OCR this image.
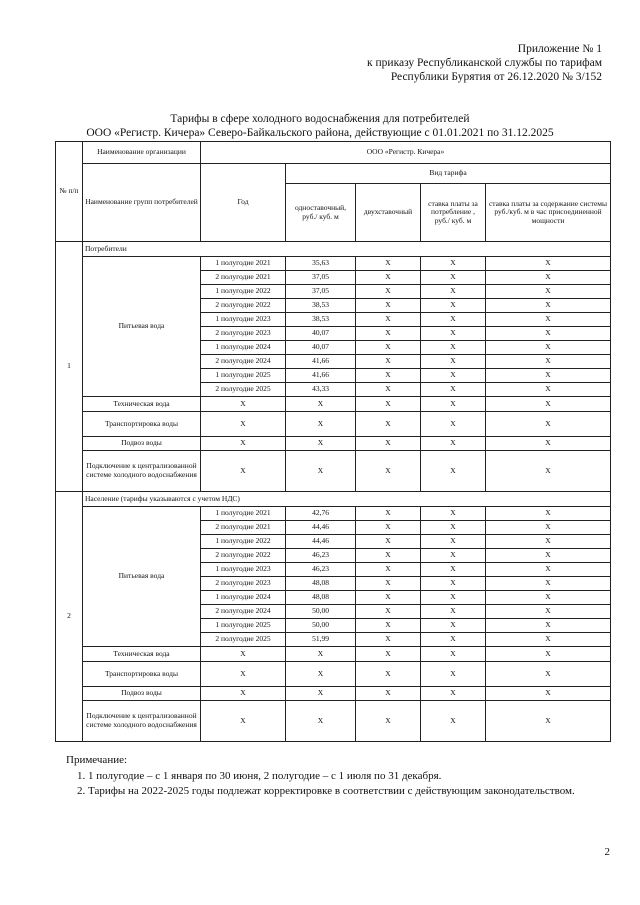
Приложение № 1
к приказу Республиканской службы по тарифам
Республики Бурятия от 26.12.2020 № 3/152
Тарифы в сфере холодного водоснабжения для потребителей
ООО «Регистр. Кичера» Северо-Байкальского района, действующие с 01.01.2021 по 31.12.2025
№ п/п	Наименование организации	ООО «Регистр. Кичера»				
	Наименование групп потребителей	Год	Вид тарифа			
			одноставочный, руб./ куб. м	двухставочный	ставка платы за потребление , руб./ куб. м	ставка платы за содержание системы руб./куб. м в час присоединенной мощности
1	Потребители					
	Питьевая вода	1 полугодие 2021	35,63	X	X	X
		2 полугодие 2021	37,05	X	X	X
		1 полугодие 2022	37,05	X	X	X
		2 полугодие 2022	38,53	X	X	X
		1 полугодие 2023	38,53	X	X	X
		2 полугодие 2023	40,07	X	X	X
		1 полугодие 2024	40,07	X	X	X
		2 полугодие 2024	41,66	X	X	X
		1 полугодие 2025	41,66	X	X	X
		2 полугодие 2025	43,33	X	X	X
	Техническая вода	X	X	X	X	X
	Транспортировка воды	X	X	X	X	X
	Подвоз воды	X	X	X	X	X
	Подключение к централизованной системе холодного водоснабжения	X	X	X	X	X
2	Население (тарифы указываются с учетом НДС)					
	Питьевая вода	1 полугодие 2021	42,76	X	X	X
		2 полугодие 2021	44,46	X	X	X
		1 полугодие 2022	44,46	X	X	X
		2 полугодие 2022	46,23	X	X	X
		1 полугодие 2023	46,23	X	X	X
		2 полугодие 2023	48,08	X	X	X
		1 полугодие 2024	48,08	X	X	X
		2 полугодие 2024	50,00	X	X	X
		1 полугодие 2025	50,00	X	X	X
		2 полугодие 2025	51,99	X	X	X
	Техническая вода	X	X	X	X	X
	Транспортировка воды	X	X	X	X	X
	Подвоз воды	X	X	X	X	X
	Подключение к централизованной системе холодного водоснабжения	X	X	X	X	X
Примечание:
1. 1 полугодие – с 1 января по 30 июня, 2 полугодие – с 1 июля по 31 декабря.
2. Тарифы на 2022-2025 годы подлежат корректировке в соответствии с действующим законодательством.
2
